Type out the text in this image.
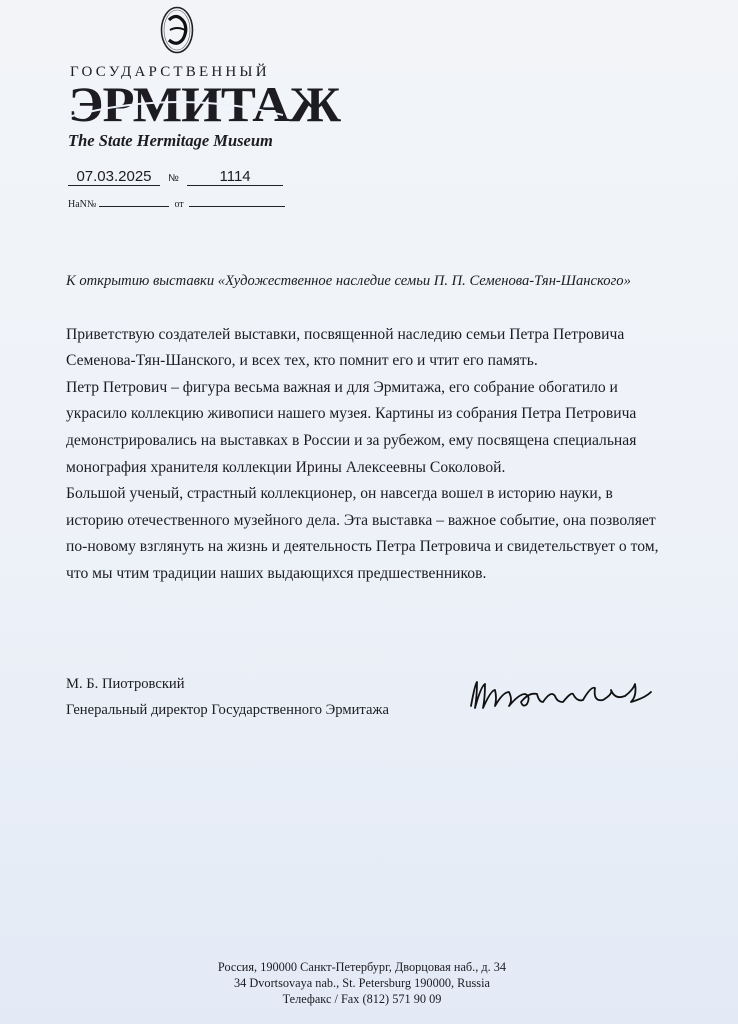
ГОСУДАРСТВЕННЫЙ
ЭРМИТАЖ
The State Hermitage Museum
07.03.2025 №	1114
НаN№	от
К открытию выставки «Художественное наследие семьи П. П. Семенова-Тян-Шанского»
Приветствую создателей выставки, посвященной наследию семьи Петра Петровича
Семенова-Тян-Шанского, и всех тех, кто помнит его и чтит его память.
Петр Петрович – фигура весьма важная и для Эрмитажа, его собрание обогатило и
украсило коллекцию живописи нашего музея. Картины из собрания Петра Петровича
демонстрировались на выставках в России и за рубежом, ему посвящена специальная
монография хранителя коллекции Ирины Алексеевны Соколовой.
Большой ученый, страстный коллекционер, он навсегда вошел в историю науки, в
историю отечественного музейного дела. Эта выставка – важное событие, она позволяет
по-новому взглянуть на жизнь и деятельность Петра Петровича и свидетельствует о том,
что мы чтим традиции наших выдающихся предшественников.
М. Б. Пиотровский
Генеральный директор Государственного Эрмитажа
Россия, 190000 Санкт-Петербург, Дворцовая наб., д. 34
34 Dvortsovaya nab., St. Petersburg 190000, Russia
Телефакс / Fax (812) 571 90 09
